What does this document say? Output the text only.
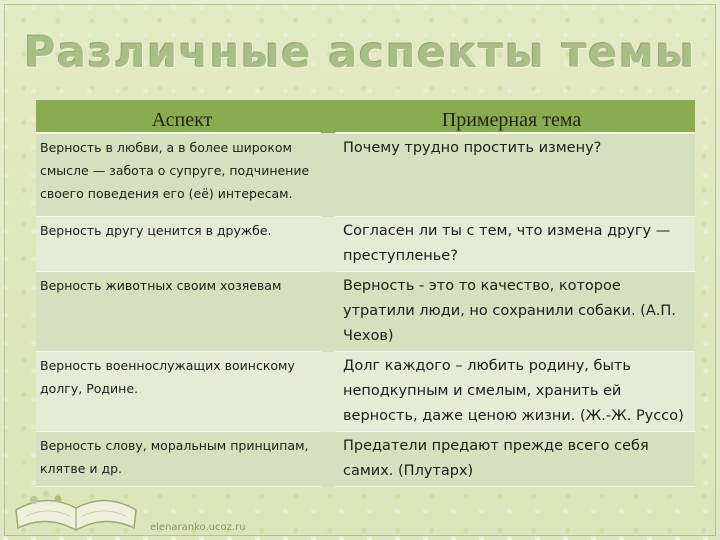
Различные аспекты темы
Аспект	Примерная тема
Верность в любви, а в более широком смысле — забота о супруге, подчинение своего поведения его (её) интересам.	Почему трудно простить измену?
Верность другу ценится в дружбе.	Согласен ли ты с тем, что измена другу — преступленье?
Верность животных своим хозяевам	Верность - это то качество, которое утратили люди, но сохранили собаки. (А.П. Чехов)
Верность военнослужащих воинскому долгу, Родине.	Долг каждого – любить родину, быть неподкупным и смелым, хранить ей верность, даже ценою жизни. (Ж.-Ж. Руссо)
Верность слову, моральным принципам, клятве и др.	Предатели предают прежде всего себя самих. (Плутарх)
elenaranko.ucoz.ru
